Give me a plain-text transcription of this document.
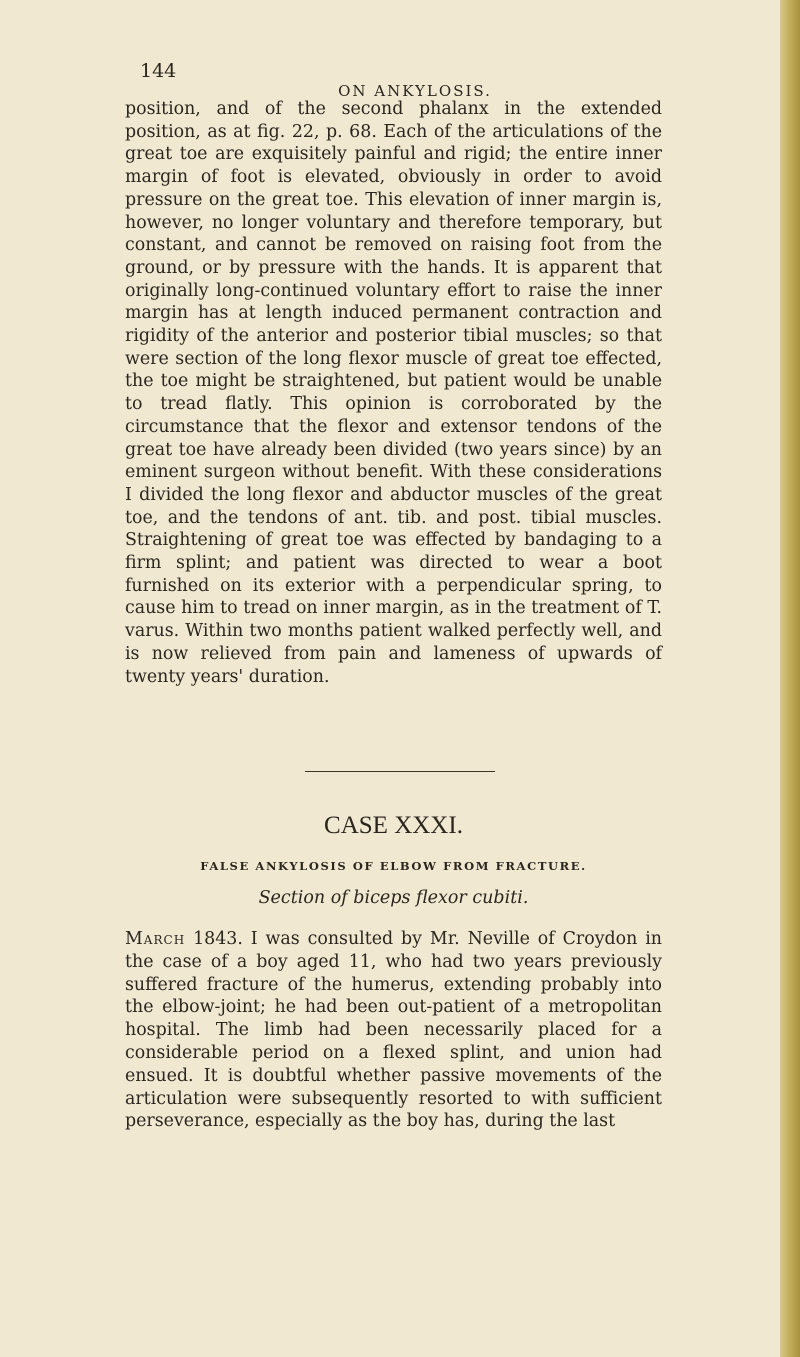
144
ON ANKYLOSIS.

position, and of the second phalanx in the extended position, as at fig. 22, p. 68. Each of the articulations of the great toe are exquisitely painful and rigid; the entire inner margin of foot is elevated, obviously in order to avoid pressure on the great toe. This elevation of inner margin is, however, no longer voluntary and therefore temporary, but constant, and cannot be removed on raising foot from the ground, or by pressure with the hands. It is apparent that originally long-continued voluntary effort to raise the inner margin has at length induced permanent contraction and rigidity of the anterior and posterior tibial muscles; so that were section of the long flexor muscle of great toe effected, the toe might be straightened, but patient would be unable to tread flatly. This opinion is corroborated by the circumstance that the flexor and extensor tendons of the great toe have already been divided (two years since) by an eminent surgeon without benefit. With these considerations I divided the long flexor and abductor muscles of the great toe, and the tendons of ant. tib. and post. tibial muscles. Straightening of great toe was effected by bandaging to a firm splint; and patient was directed to wear a boot furnished on its exterior with a perpendicular spring, to cause him to tread on inner margin, as in the treatment of T. varus. Within two months patient walked perfectly well, and is now relieved from pain and lameness of upwards of twenty years' duration.

CASE XXXI.
FALSE ANKYLOSIS OF ELBOW FROM FRACTURE.
Section of biceps flexor cubiti.

March 1843. I was consulted by Mr. Neville of Croydon in the case of a boy aged 11, who had two years previously suffered fracture of the humerus, extending probably into the elbow-joint; he had been out-patient of a metropolitan hospital. The limb had been necessarily placed for a considerable period on a flexed splint, and union had ensued. It is doubtful whether passive movements of the articulation were subsequently resorted to with sufficient perseverance, especially as the boy has, during the last
